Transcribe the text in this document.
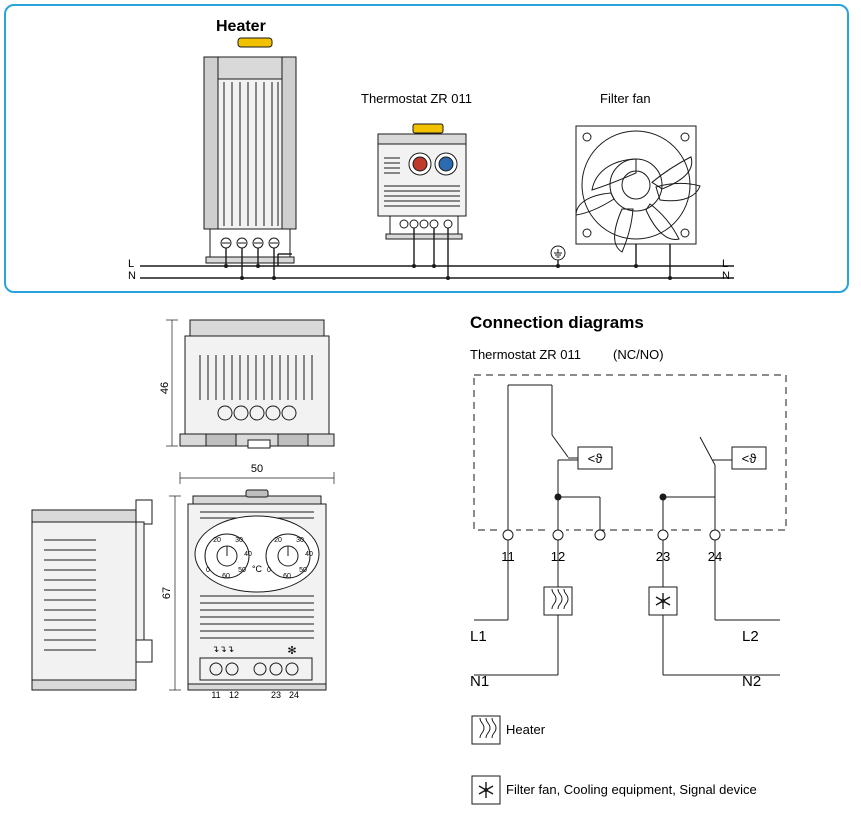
Heater
Thermostat ZR 011	Filter fan
L
N
L
N
46
50
20 30
40
50
0
60
20 30
40
50
0
60
°C
↴↴↴	✻
11 12	23 24
67
Connection diagrams
Thermostat ZR 011 (NC/NO)
<ϑ	<ϑ
11	12	23	24
L1
N1
L2
N2
Heater
Filter fan, Cooling equipment, Signal device
